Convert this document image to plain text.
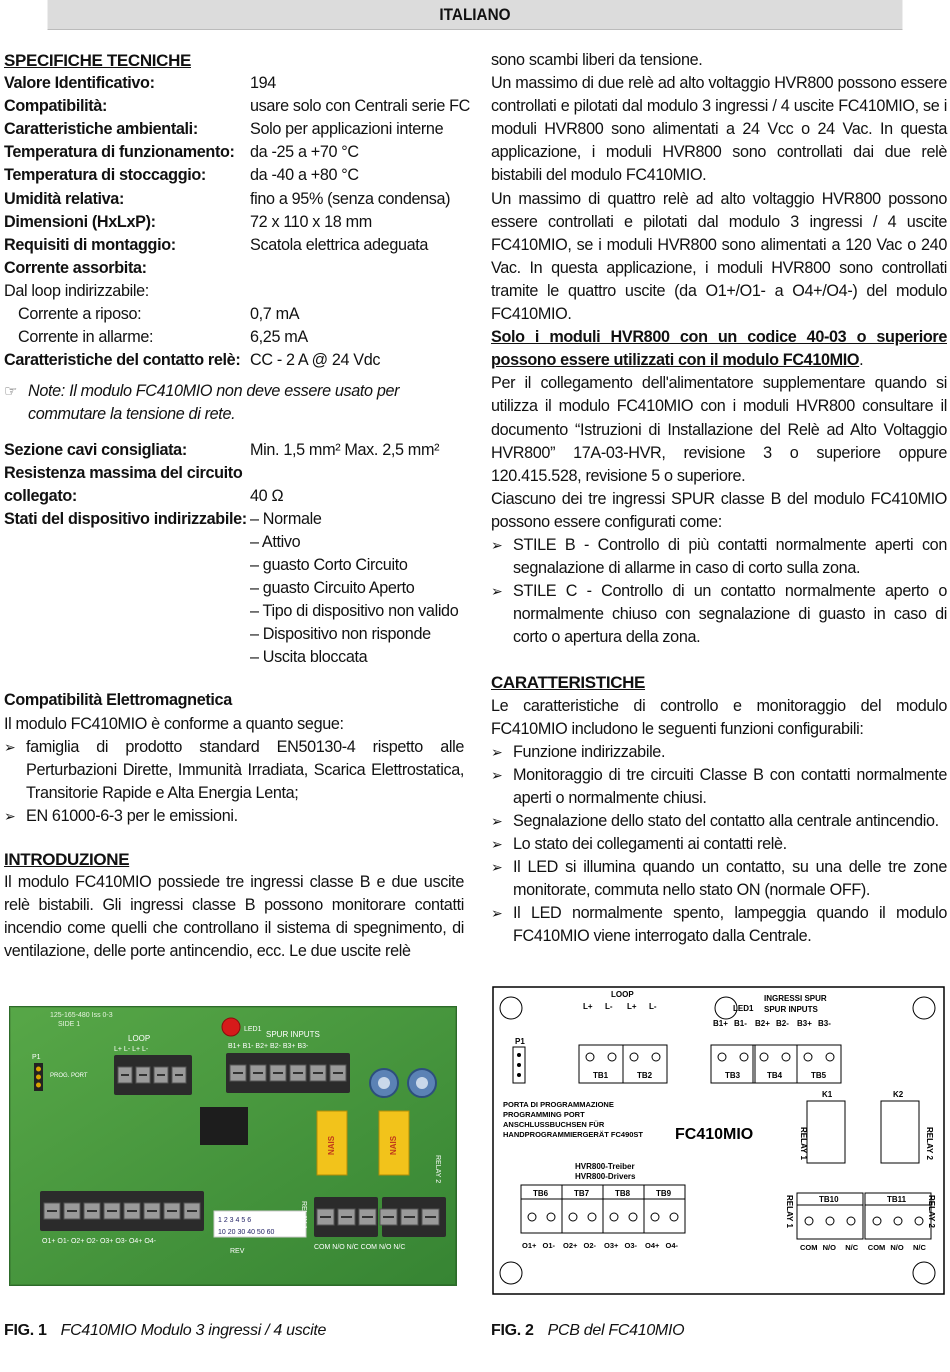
ITALIANO
SPECIFICHE TECNICHE
Valore Identificativo:	194
Compatibilità:	usare solo con Centrali serie FC
Caratteristiche ambientali:	Solo per applicazioni interne
Temperatura di funzionamento: da -25 a +70 °C
Temperatura di stoccaggio:	da -40 a +80 °C
Umidità relativa:	fino a 95% (senza condensa)
Dimensioni (HxLxP):	72 x 110 x 18 mm
Requisiti di montaggio:	Scatola elettrica adeguata
Corrente assorbita:
Dal loop indirizzabile:
Corrente a riposo:	0,7 mA
Corrente in allarme:	6,25 mA
Caratteristiche del contatto relè: CC - 2 A @ 24 Vdc
☞ Note: Il modulo FC410MIO non deve essere usato per commutare la tensione di rete.
Sezione cavi consigliata:	Min. 1,5 mm² Max. 2,5 mm²
Resistenza massima del circuito
collegato:	40 Ω
Stati del dispositivo indirizzabile: – Normale
– Attivo
– guasto Corto Circuito
– guasto Circuito Aperto
– Tipo di dispositivo non valido
– Dispositivo non risponde
– Uscita bloccata
Compatibilità Elettromagnetica
Il modulo FC410MIO è conforme a quanto segue:
➢ famiglia di prodotto standard EN50130-4 rispetto alle Perturbazioni Dirette, Immunità Irradiata, Scarica Elettrostatica, Transitorie Rapide e Alta Energia Lenta;
➢ EN 61000-6-3 per le emissioni.
INTRODUZIONE
Il modulo FC410MIO possiede tre ingressi classe B e due uscite relè bistabili. Gli ingressi classe B possono monitorare contatti incendio come quelli che controllano il sistema di spegnimento, di ventilazione, delle porte antincendio, ecc. Le due uscite relè
sono scambi liberi da tensione.
Un massimo di due relè ad alto voltaggio HVR800 possono essere controllati e pilotati dal modulo 3 ingressi / 4 uscite FC410MIO, se i moduli HVR800 sono alimentati a 24 Vcc o 24 Vac. In questa applicazione, i moduli HVR800 sono controllati dai due relè bistabili del modulo FC410MIO.
Un massimo di quattro relè ad alto voltaggio HVR800 possono essere controllati e pilotati dal modulo 3 ingressi / 4 uscite FC410MIO, se i moduli HVR800 sono alimentati a 120 Vac o 240 Vac. In questa applicazione, i moduli HVR800 sono controllati tramite le quattro uscite (da O1+/O1- a O4+/O4-) del modulo FC410MIO.
Solo i moduli HVR800 con un codice 40-03 o superiore possono essere utilizzati con il modulo FC410MIO.
Per il collegamento dell'alimentatore supplementare quando si utilizza il modulo FC410MIO con i moduli HVR800 consultare il documento “Istruzioni di Installazione del Relè ad Alto Voltaggio HVR800” 17A-03-HVR, revisione 3 o superiore oppure 120.415.528, revisione 5 o superiore.
Ciascuno dei tre ingressi SPUR classe B del modulo FC410MIO possono essere configurati come:
➢ STILE B - Controllo di più contatti normalmente aperti con segnalazione di allarme in caso di corto sulla zona.
➢ STILE C - Controllo di un contatto normalmente aperto o normalmente chiuso con segnalazione di guasto in caso di corto o apertura della zona.
CARATTERISTICHE
Le caratteristiche di controllo e monitoraggio del modulo FC410MIO includono le seguenti funzioni configurabili:
➢ Funzione indirizzabile.
➢ Monitoraggio di tre circuiti Classe B con contatti normalmente aperti o normalmente chiusi.
➢ Segnalazione dello stato del contatto alla centrale antincendio.
➢ Lo stato dei collegamenti ai contatti relè.
➢ Il LED si illumina quando un contatto, su una delle tre zone monitorate, commuta nello stato ON (normale OFF).
➢ Il LED normalmente spento, lampeggia quando il modulo FC410MIO viene interrogato dalla Centrale.
125-165-480 Iss 0-3
SIDE 1
LOOP
L+ L- L+ L-
SPUR INPUTS
B1+ B1- B2+ B2- B3+ B3-
LED1
P1
PROG. PORT
NAIS	NAIS
RELAY 2
O1+ O1- O2+ O2- O3+ O3- O4+ O4-
1 2 3 4 5 6
10 20 30 40 50 60
REV
COM N/O N/C COM N/O N/C
RELAY 1
LOOP
LED1
INGRESSI SPUR
SPUR INPUTS
P1
L+ L- L+ L-
B1+ B1- B2+ B2- B3+ B3-
TB1	TB2	TB3	TB4	TB5
K1	K2
PORTA DI PROGRAMMAZIONE
PROGRAMMING PORT
ANSCHLUSSBUCHSEN FÜR
HANDPROGRAMMIERGERÄT FC490ST FC410MIO	RELAY 1	RELAY 2
HVR800-Treiber
HVR800-Drivers
TB6	TB7	TB8	TB9
O1+ O1- O2+ O2- O3+ O3- O4+ O4-
TB10	TB11
COM N/O N/C COM N/O N/C
RELAY 1	RELAY 2
FIG. 1 FC410MIO Modulo 3 ingressi / 4 uscite	FIG. 2 PCB del FC410MIO
